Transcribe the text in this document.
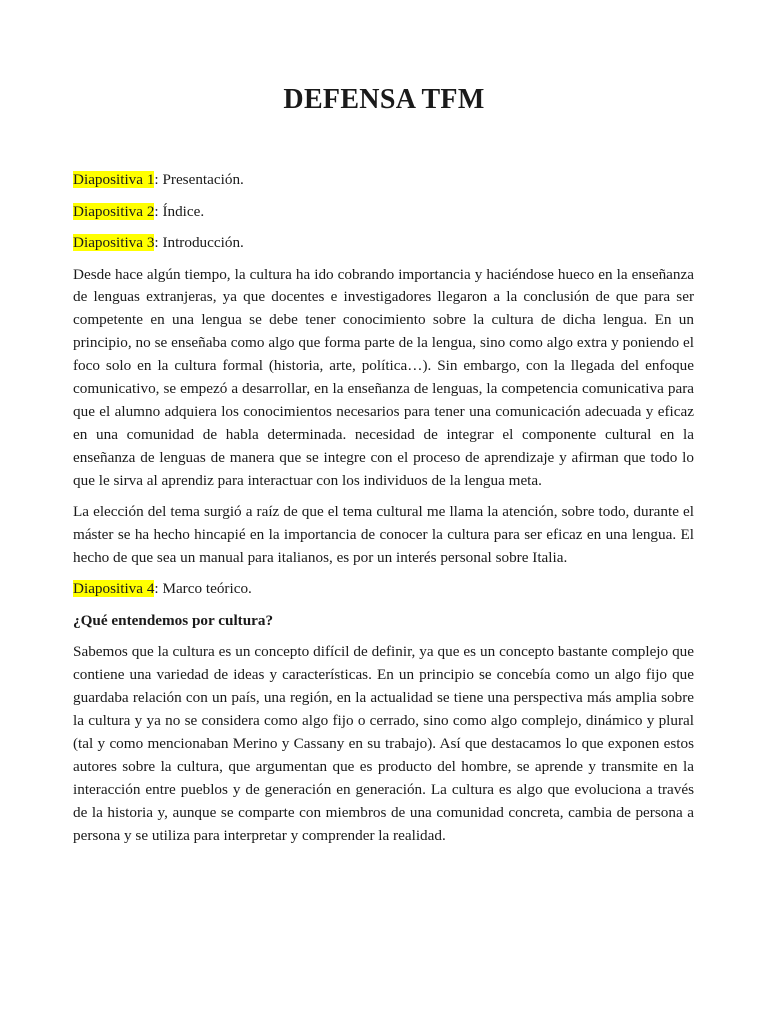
DEFENSA TFM

Diapositiva 1: Presentación.

Diapositiva 2: Índice.

Diapositiva 3: Introducción.

Desde hace algún tiempo, la cultura ha ido cobrando importancia y haciéndose hueco en la enseñanza de lenguas extranjeras, ya que docentes e investigadores llegaron a la conclusión de que para ser competente en una lengua se debe tener conocimiento sobre la cultura de dicha lengua. En un principio, no se enseñaba como algo que forma parte de la lengua, sino como algo extra y poniendo el foco solo en la cultura formal (historia, arte, política…). Sin embargo, con la llegada del enfoque comunicativo, se empezó a desarrollar, en la enseñanza de lenguas, la competencia comunicativa para que el alumno adquiera los conocimientos necesarios para tener una comunicación adecuada y eficaz en una comunidad de habla determinada. necesidad de integrar el componente cultural en la enseñanza de lenguas de manera que se integre con el proceso de aprendizaje y afirman que todo lo que le sirva al aprendiz para interactuar con los individuos de la lengua meta.

La elección del tema surgió a raíz de que el tema cultural me llama la atención, sobre todo, durante el máster se ha hecho hincapié en la importancia de conocer la cultura para ser eficaz en una lengua. El hecho de que sea un manual para italianos, es por un interés personal sobre Italia.

Diapositiva 4: Marco teórico.

¿Qué entendemos por cultura?

Sabemos que la cultura es un concepto difícil de definir, ya que es un concepto bastante complejo que contiene una variedad de ideas y características. En un principio se concebía como un algo fijo que guardaba relación con un país, una región, en la actualidad se tiene una perspectiva más amplia sobre la cultura y ya no se considera como algo fijo o cerrado, sino como algo complejo, dinámico y plural (tal y como mencionaban Merino y Cassany en su trabajo). Así que destacamos lo que exponen estos autores sobre la cultura, que argumentan que es producto del hombre, se aprende y transmite en la interacción entre pueblos y de generación en generación. La cultura es algo que evoluciona a través de la historia y, aunque se comparte con miembros de una comunidad concreta, cambia de persona a persona y se utiliza para interpretar y comprender la realidad.
